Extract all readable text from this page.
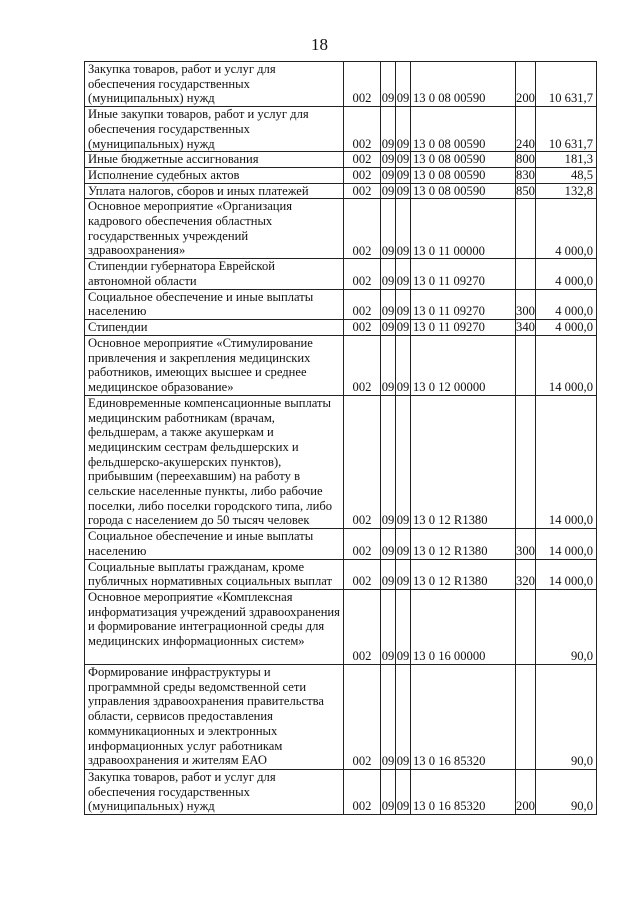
18
Закупка товаров, работ и услуг для обеспечения государственных (муниципальных) нужд	002	09	09	13 0 08 00590	200	10 631,7
Иные закупки товаров, работ и услуг для обеспечения государственных (муниципальных) нужд	002	09	09	13 0 08 00590	240	10 631,7
Иные бюджетные ассигнования	002	09	09	13 0 08 00590	800	181,3
Исполнение судебных актов	002	09	09	13 0 08 00590	830	48,5
Уплата налогов, сборов и иных платежей	002	09	09	13 0 08 00590	850	132,8
Основное мероприятие «Организация кадрового обеспечения областных государственных учреждений здравоохранения»	002	09	09	13 0 11 00000		4 000,0
Стипендии губернатора Еврейской автономной области	002	09	09	13 0 11 09270		4 000,0
Социальное обеспечение и иные выплаты населению	002	09	09	13 0 11 09270	300	4 000,0
Стипендии	002	09	09	13 0 11 09270	340	4 000,0
Основное мероприятие «Стимулирование привлечения и закрепления медицинских работников, имеющих высшее и среднее медицинское образование»	002	09	09	13 0 12 00000		14 000,0
Единовременные компенсационные выплаты медицинским работникам (врачам, фельдшерам, а также акушеркам и медицинским сестрам фельдшерских и фельдшерско-акушерских пунктов), прибывшим (переехавшим) на работу в сельские населенные пункты, либо рабочие поселки, либо поселки городского типа, либо города с населением до 50 тысяч человек	002	09	09	13 0 12 R1380		14 000,0
Социальное обеспечение и иные выплаты населению	002	09	09	13 0 12 R1380	300	14 000,0
Социальные выплаты гражданам, кроме публичных нормативных социальных выплат	002	09	09	13 0 12 R1380	320	14 000,0
Основное мероприятие «Комплексная информатизация учреждений здравоохранения и формирование интеграционной среды для медицинских информационных систем»	002	09	09	13 0 16 00000		90,0
Формирование инфраструктуры и программной среды ведомственной сети управления здравоохранения правительства области, сервисов предоставления коммуникационных и электронных информационных услуг работникам здравоохранения и жителям ЕАО	002	09	09	13 0 16 85320		90,0
Закупка товаров, работ и услуг для обеспечения государственных (муниципальных) нужд	002	09	09	13 0 16 85320	200	90,0
